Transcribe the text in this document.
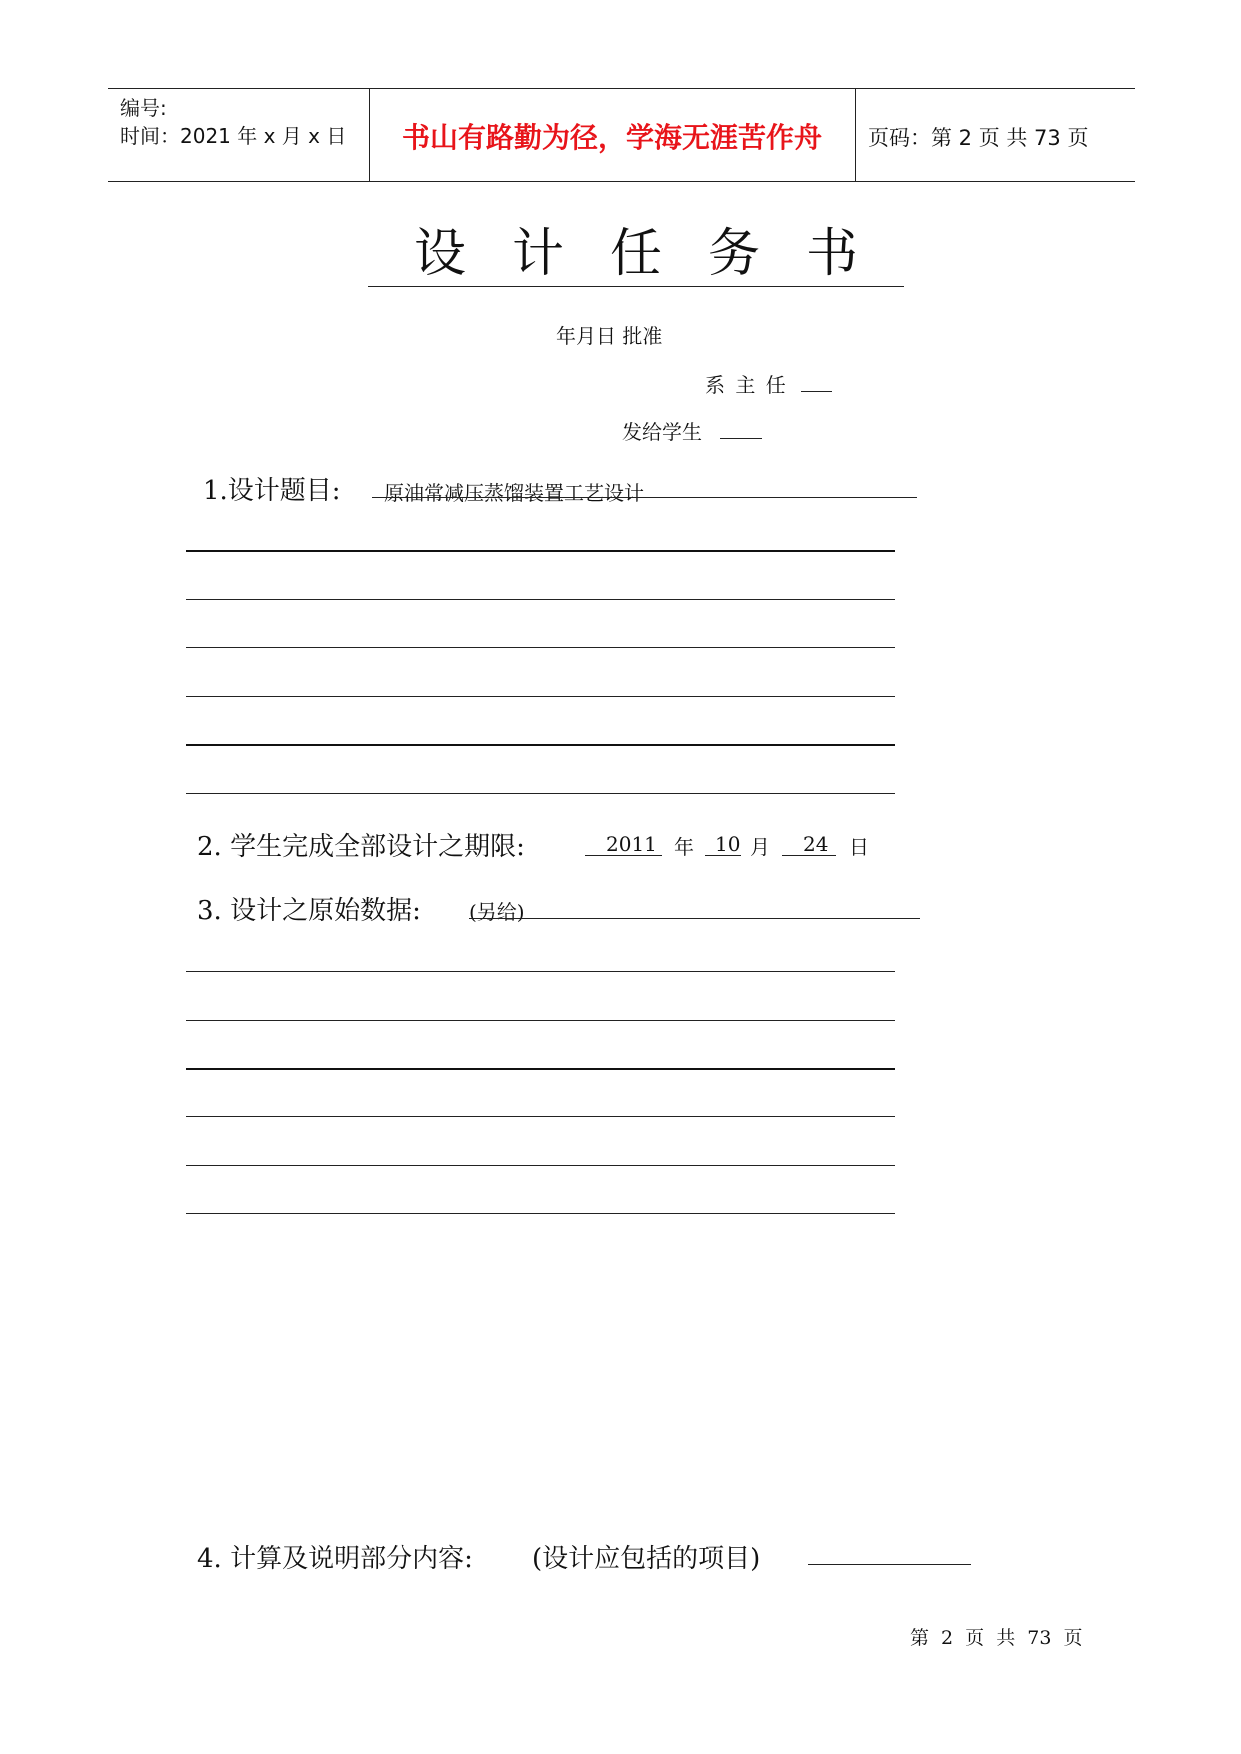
编号:
时间：2021 年 x 月 x 日	书山有路勤为径，学海无涯苦作舟	页码：第 2 页 共 73 页
设计任务书
年月日 批准
系 主 任
发给学生
1.设计题目: 原油常减压蒸馏装置工艺设计
2. 学生完成全部设计之期限:	2011 年 10 月 24 日
3. 设计之原始数据: (另给)
4. 计算及说明部分内容: (设计应包括的项目)
第 2 页 共 73 页
